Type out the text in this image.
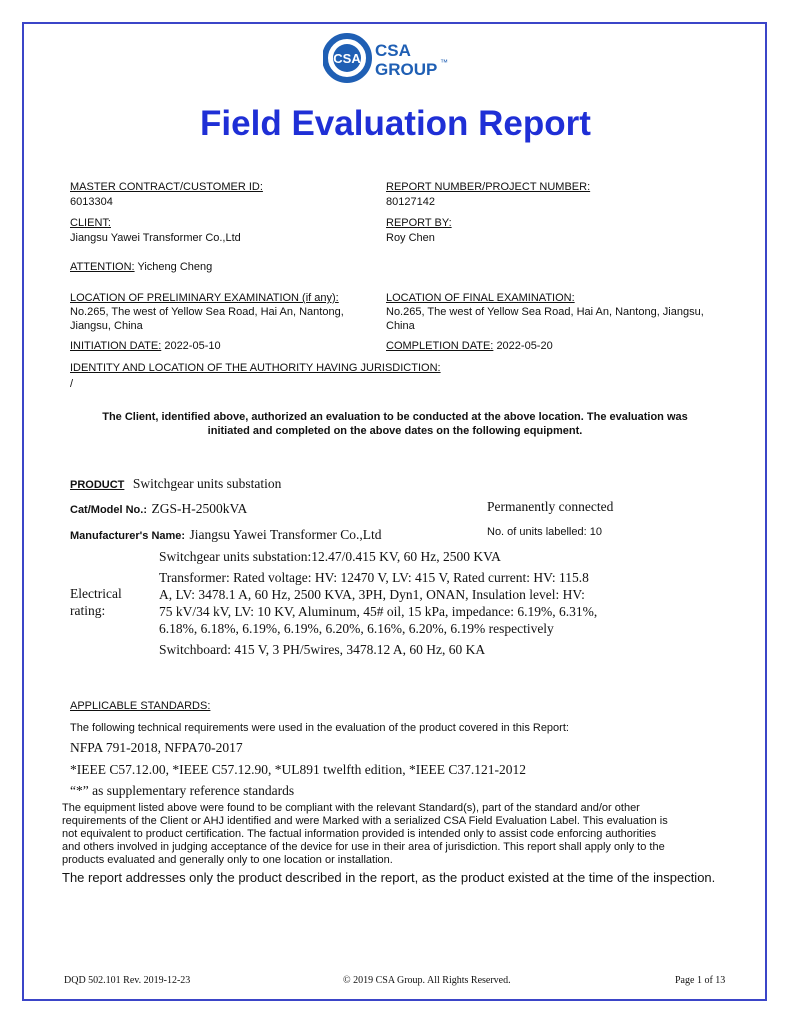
CSA CSA
GROUP ™
Field Evaluation Report
MASTER CONTRACT/CUSTOMER ID:
6013304
REPORT NUMBER/PROJECT NUMBER:
80127142
CLIENT:
Jiangsu Yawei Transformer Co.,Ltd
REPORT BY:
Roy Chen
ATTENTION: Yicheng Cheng
LOCATION OF PRELIMINARY EXAMINATION (if any):
No.265, The west of Yellow Sea Road, Hai An, Nantong,
Jiangsu, China
LOCATION OF FINAL EXAMINATION:
No.265, The west of Yellow Sea Road, Hai An, Nantong, Jiangsu,
China
INITIATION DATE: 2022-05-10	COMPLETION DATE: 2022-05-20
IDENTITY AND LOCATION OF THE AUTHORITY HAVING JURISDICTION:
/
The Client, identified above, authorized an evaluation to be conducted at the above location. The evaluation was
initiated and completed on the above dates on the following equipment.
PRODUCT Switchgear units substation
Cat/Model No.: ZGS-H-2500kVA	Permanently connected
Manufacturer's Name: Jiangsu Yawei Transformer Co.,Ltd	No. of units labelled: 10
Electrical
rating:
Switchgear units substation:12.47/0.415 KV, 60 Hz, 2500 KVA
Transformer: Rated voltage: HV: 12470 V, LV: 415 V, Rated current: HV: 115.8
A, LV: 3478.1 A, 60 Hz, 2500 KVA, 3PH, Dyn1, ONAN, Insulation level: HV:
75 kV/34 kV, LV: 10 KV, Aluminum, 45# oil, 15 kPa, impedance: 6.19%, 6.31%,
6.18%, 6.18%, 6.19%, 6.19%, 6.20%, 6.16%, 6.20%, 6.19% respectively
Switchboard: 415 V, 3 PH/5wires, 3478.12 A, 60 Hz, 60 KA
APPLICABLE STANDARDS:
The following technical requirements were used in the evaluation of the product covered in this Report:
NFPA 791-2018, NFPA70-2017
*IEEE C57.12.00, *IEEE C57.12.90, *UL891 twelfth edition, *IEEE C37.121-2012
“*” as supplementary reference standards
The equipment listed above were found to be compliant with the relevant Standard(s), part of the standard and/or other
requirements of the Client or AHJ identified and were Marked with a serialized CSA Field Evaluation Label. This evaluation is
not equivalent to product certification. The factual information provided is intended only to assist code enforcing authorities
and others involved in judging acceptance of the device for use in their area of jurisdiction. This report shall apply only to the
products evaluated and generally only to one location or installation.
The report addresses only the product described in the report, as the product existed at the time of the inspection.
DQD 502.101 Rev. 2019-12-23	© 2019 CSA Group. All Rights Reserved.	Page 1 of 13
